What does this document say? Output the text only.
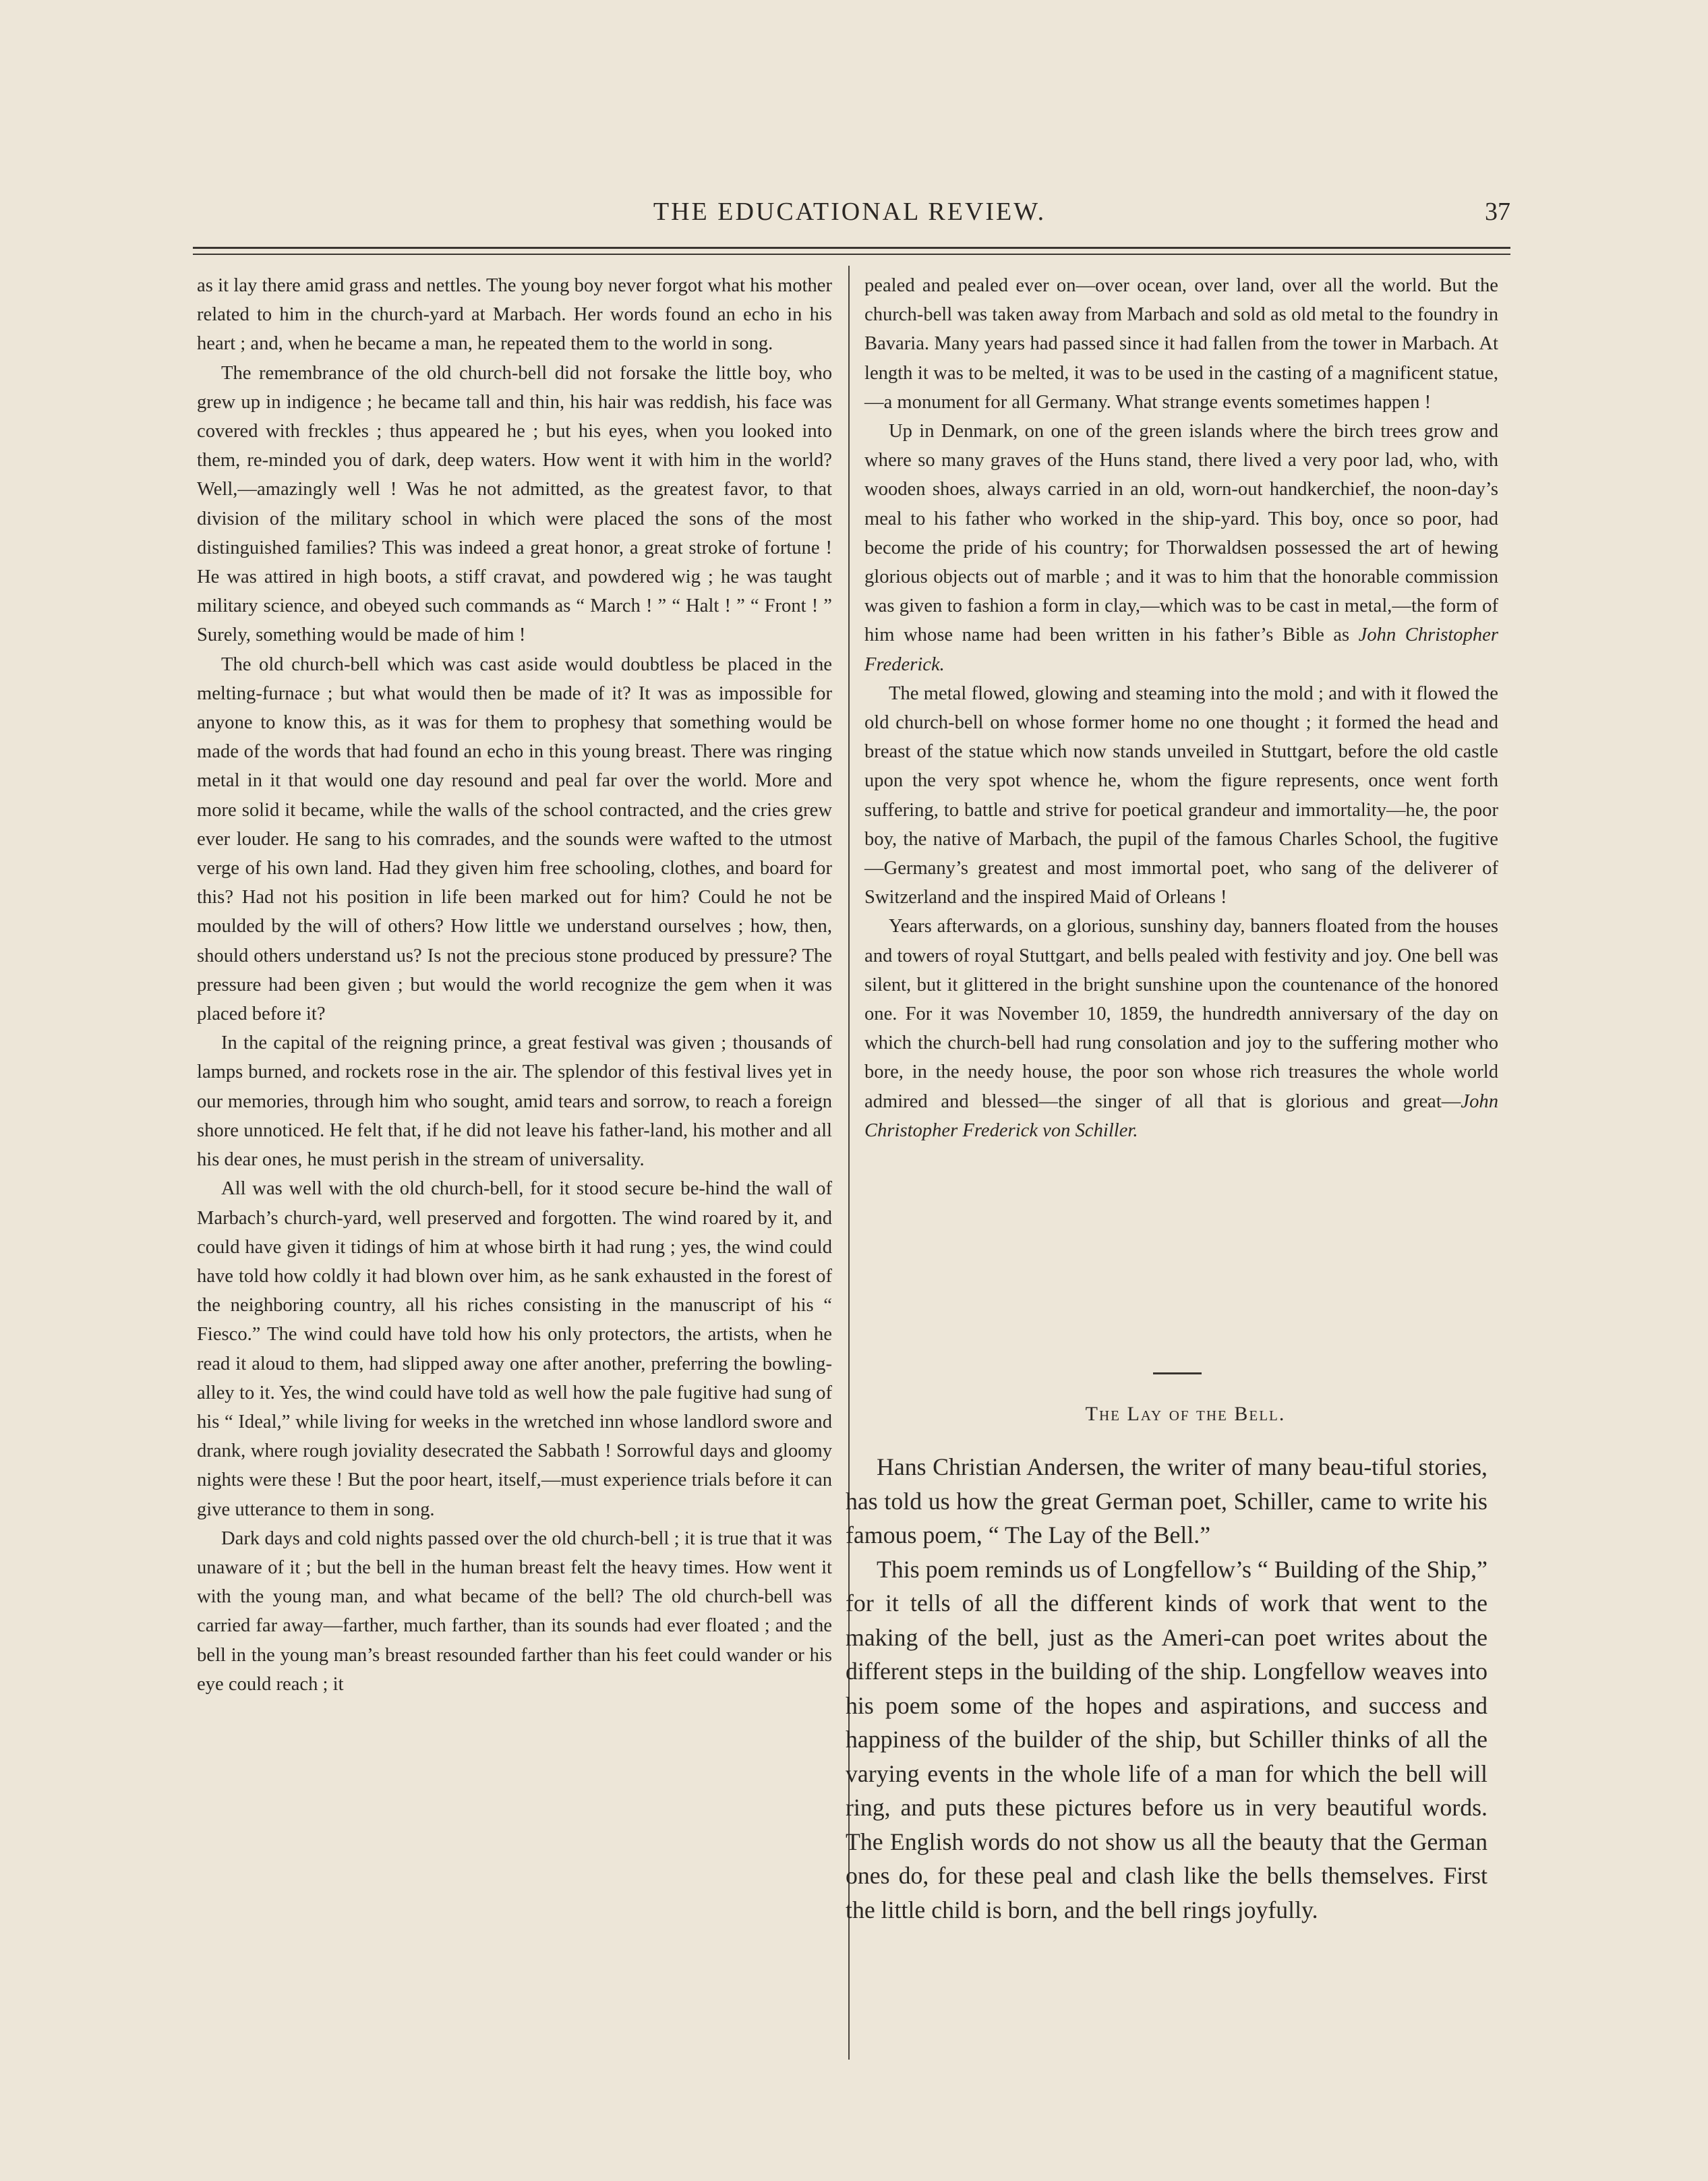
THE EDUCATIONAL REVIEW.	37

as it lay there amid grass and nettles. The young boy never forgot what his mother related to him in the church-yard at Marbach. Her words found an echo in his heart ; and, when he became a man, he repeated them to the world in song.

The remembrance of the old church-bell did not forsake the little boy, who grew up in indigence ; he became tall and thin, his hair was reddish, his face was covered with freckles ; thus appeared he ; but his eyes, when you looked into them, re-minded you of dark, deep waters. How went it with him in the world? Well,—amazingly well ! Was he not admitted, as the greatest favor, to that division of the military school in which were placed the sons of the most distinguished families? This was indeed a great honor, a great stroke of fortune ! He was attired in high boots, a stiff cravat, and powdered wig ; he was taught military science, and obeyed such commands as “ March ! ” “ Halt ! ” “ Front ! ” Surely, something would be made of him !

The old church-bell which was cast aside would doubtless be placed in the melting-furnace ; but what would then be made of it? It was as impossible for anyone to know this, as it was for them to prophesy that something would be made of the words that had found an echo in this young breast. There was ringing metal in it that would one day resound and peal far over the world. More and more solid it became, while the walls of the school contracted, and the cries grew ever louder. He sang to his comrades, and the sounds were wafted to the utmost verge of his own land. Had they given him free schooling, clothes, and board for this? Had not his position in life been marked out for him? Could he not be moulded by the will of others? How little we understand ourselves ; how, then, should others understand us? Is not the precious stone produced by pressure? The pressure had been given ; but would the world recognize the gem when it was placed before it?

In the capital of the reigning prince, a great festival was given ; thousands of lamps burned, and rockets rose in the air. The splendor of this festival lives yet in our memories, through him who sought, amid tears and sorrow, to reach a foreign shore unnoticed. He felt that, if he did not leave his father-land, his mother and all his dear ones, he must perish in the stream of universality.

All was well with the old church-bell, for it stood secure be-hind the wall of Marbach’s church-yard, well preserved and forgotten. The wind roared by it, and could have given it tidings of him at whose birth it had rung ; yes, the wind could have told how coldly it had blown over him, as he sank exhausted in the forest of the neighboring country, all his riches consisting in the manuscript of his “ Fiesco.” The wind could have told how his only protectors, the artists, when he read it aloud to them, had slipped away one after another, preferring the bowling-alley to it. Yes, the wind could have told as well how the pale fugitive had sung of his “ Ideal,” while living for weeks in the wretched inn whose landlord swore and drank, where rough joviality desecrated the Sabbath ! Sorrowful days and gloomy nights were these ! But the poor heart, itself,—must experience trials before it can give utterance to them in song.

Dark days and cold nights passed over the old church-bell ; it is true that it was unaware of it ; but the bell in the human breast felt the heavy times. How went it with the young man, and what became of the bell? The old church-bell was carried far away—farther, much farther, than its sounds had ever floated ; and the bell in the young man’s breast resounded farther than his feet could wander or his eye could reach ; it

pealed and pealed ever on—over ocean, over land, over all the world. But the church-bell was taken away from Marbach and sold as old metal to the foundry in Bavaria. Many years had passed since it had fallen from the tower in Marbach. At length it was to be melted, it was to be used in the casting of a magnificent statue,—a monument for all Germany. What strange events sometimes happen !

Up in Denmark, on one of the green islands where the birch trees grow and where so many graves of the Huns stand, there lived a very poor lad, who, with wooden shoes, always carried in an old, worn-out handkerchief, the noon-day’s meal to his father who worked in the ship-yard. This boy, once so poor, had become the pride of his country; for Thorwaldsen possessed the art of hewing glorious objects out of marble ; and it was to him that the honorable commission was given to fashion a form in clay,—which was to be cast in metal,—the form of him whose name had been written in his father’s Bible as John Christopher Frederick.

The metal flowed, glowing and steaming into the mold ; and with it flowed the old church-bell on whose former home no one thought ; it formed the head and breast of the statue which now stands unveiled in Stuttgart, before the old castle upon the very spot whence he, whom the figure represents, once went forth suffering, to battle and strive for poetical grandeur and immortality—he, the poor boy, the native of Marbach, the pupil of the famous Charles School, the fugitive—Germany’s greatest and most immortal poet, who sang of the deliverer of Switzerland and the inspired Maid of Orleans !

Years afterwards, on a glorious, sunshiny day, banners floated from the houses and towers of royal Stuttgart, and bells pealed with festivity and joy. One bell was silent, but it glittered in the bright sunshine upon the countenance of the honored one. For it was November 10, 1859, the hundredth anniversary of the day on which the church-bell had rung consolation and joy to the suffering mother who bore, in the needy house, the poor son whose rich treasures the whole world admired and blessed—the singer of all that is glorious and great—John Christopher Frederick von Schiller.

The Lay of the Bell.

Hans Christian Andersen, the writer of many beau-tiful stories, has told us how the great German poet, Schiller, came to write his famous poem, “ The Lay of the Bell.”

This poem reminds us of Longfellow’s “ Building of the Ship,” for it tells of all the different kinds of work that went to the making of the bell, just as the Ameri-can poet writes about the different steps in the building of the ship. Longfellow weaves into his poem some of the hopes and aspirations, and success and happiness of the builder of the ship, but Schiller thinks of all the varying events in the whole life of a man for which the bell will ring, and puts these pictures before us in very beautiful words. The English words do not show us all the beauty that the German ones do, for these peal and clash like the bells themselves. First the little child is born, and the bell rings joyfully.
